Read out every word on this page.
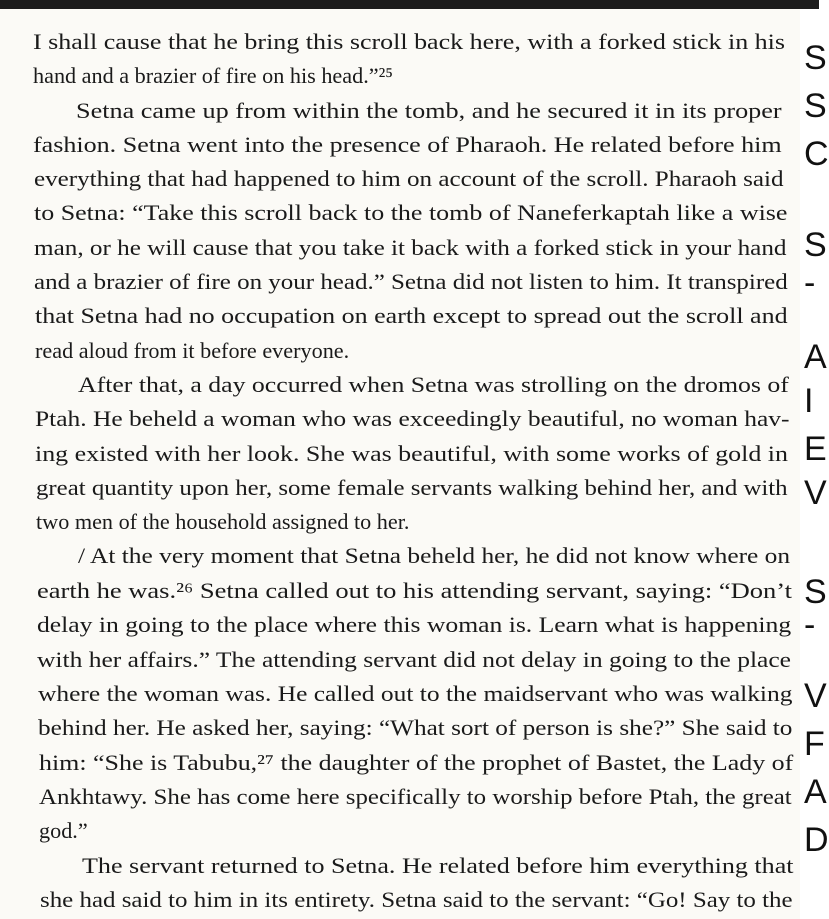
I shall cause that he bring this scroll back here, with a forked stick in his
hand and a brazier of fire on his head.”²⁵
Setna came up from within the tomb, and he secured it in its proper
fashion. Setna went into the presence of Pharaoh. He related before him
everything that had happened to him on account of the scroll. Pharaoh said
to Setna: “Take this scroll back to the tomb of Naneferkaptah like a wise
man, or he will cause that you take it back with a forked stick in your hand
and a brazier of fire on your head.” Setna did not listen to him. It transpired
that Setna had no occupation on earth except to spread out the scroll and
read aloud from it before everyone.
After that, a day occurred when Setna was strolling on the dromos of
Ptah. He beheld a woman who was exceedingly beautiful, no woman hav-
ing existed with her look. She was beautiful, with some works of gold in
great quantity upon her, some female servants walking behind her, and with
two men of the household assigned to her.
/ At the very moment that Setna beheld her, he did not know where on
earth he was.²⁶ Setna called out to his attending servant, saying: “Don’t
delay in going to the place where this woman is. Learn what is happening
with her affairs.” The attending servant did not delay in going to the place
where the woman was. He called out to the maidservant who was walking
behind her. He asked her, saying: “What sort of person is she?” She said to
him: “She is Tabubu,²⁷ the daughter of the prophet of Bastet, the Lady of
Ankhtawy. She has come here specifically to worship before Ptah, the great
god.”
The servant returned to Setna. He related before him everything that
she had said to him in its entirety. Setna said to the servant: “Go! Say to the
S
S
C
S
-
A
I
E
V
S
-
V
F
A
D
